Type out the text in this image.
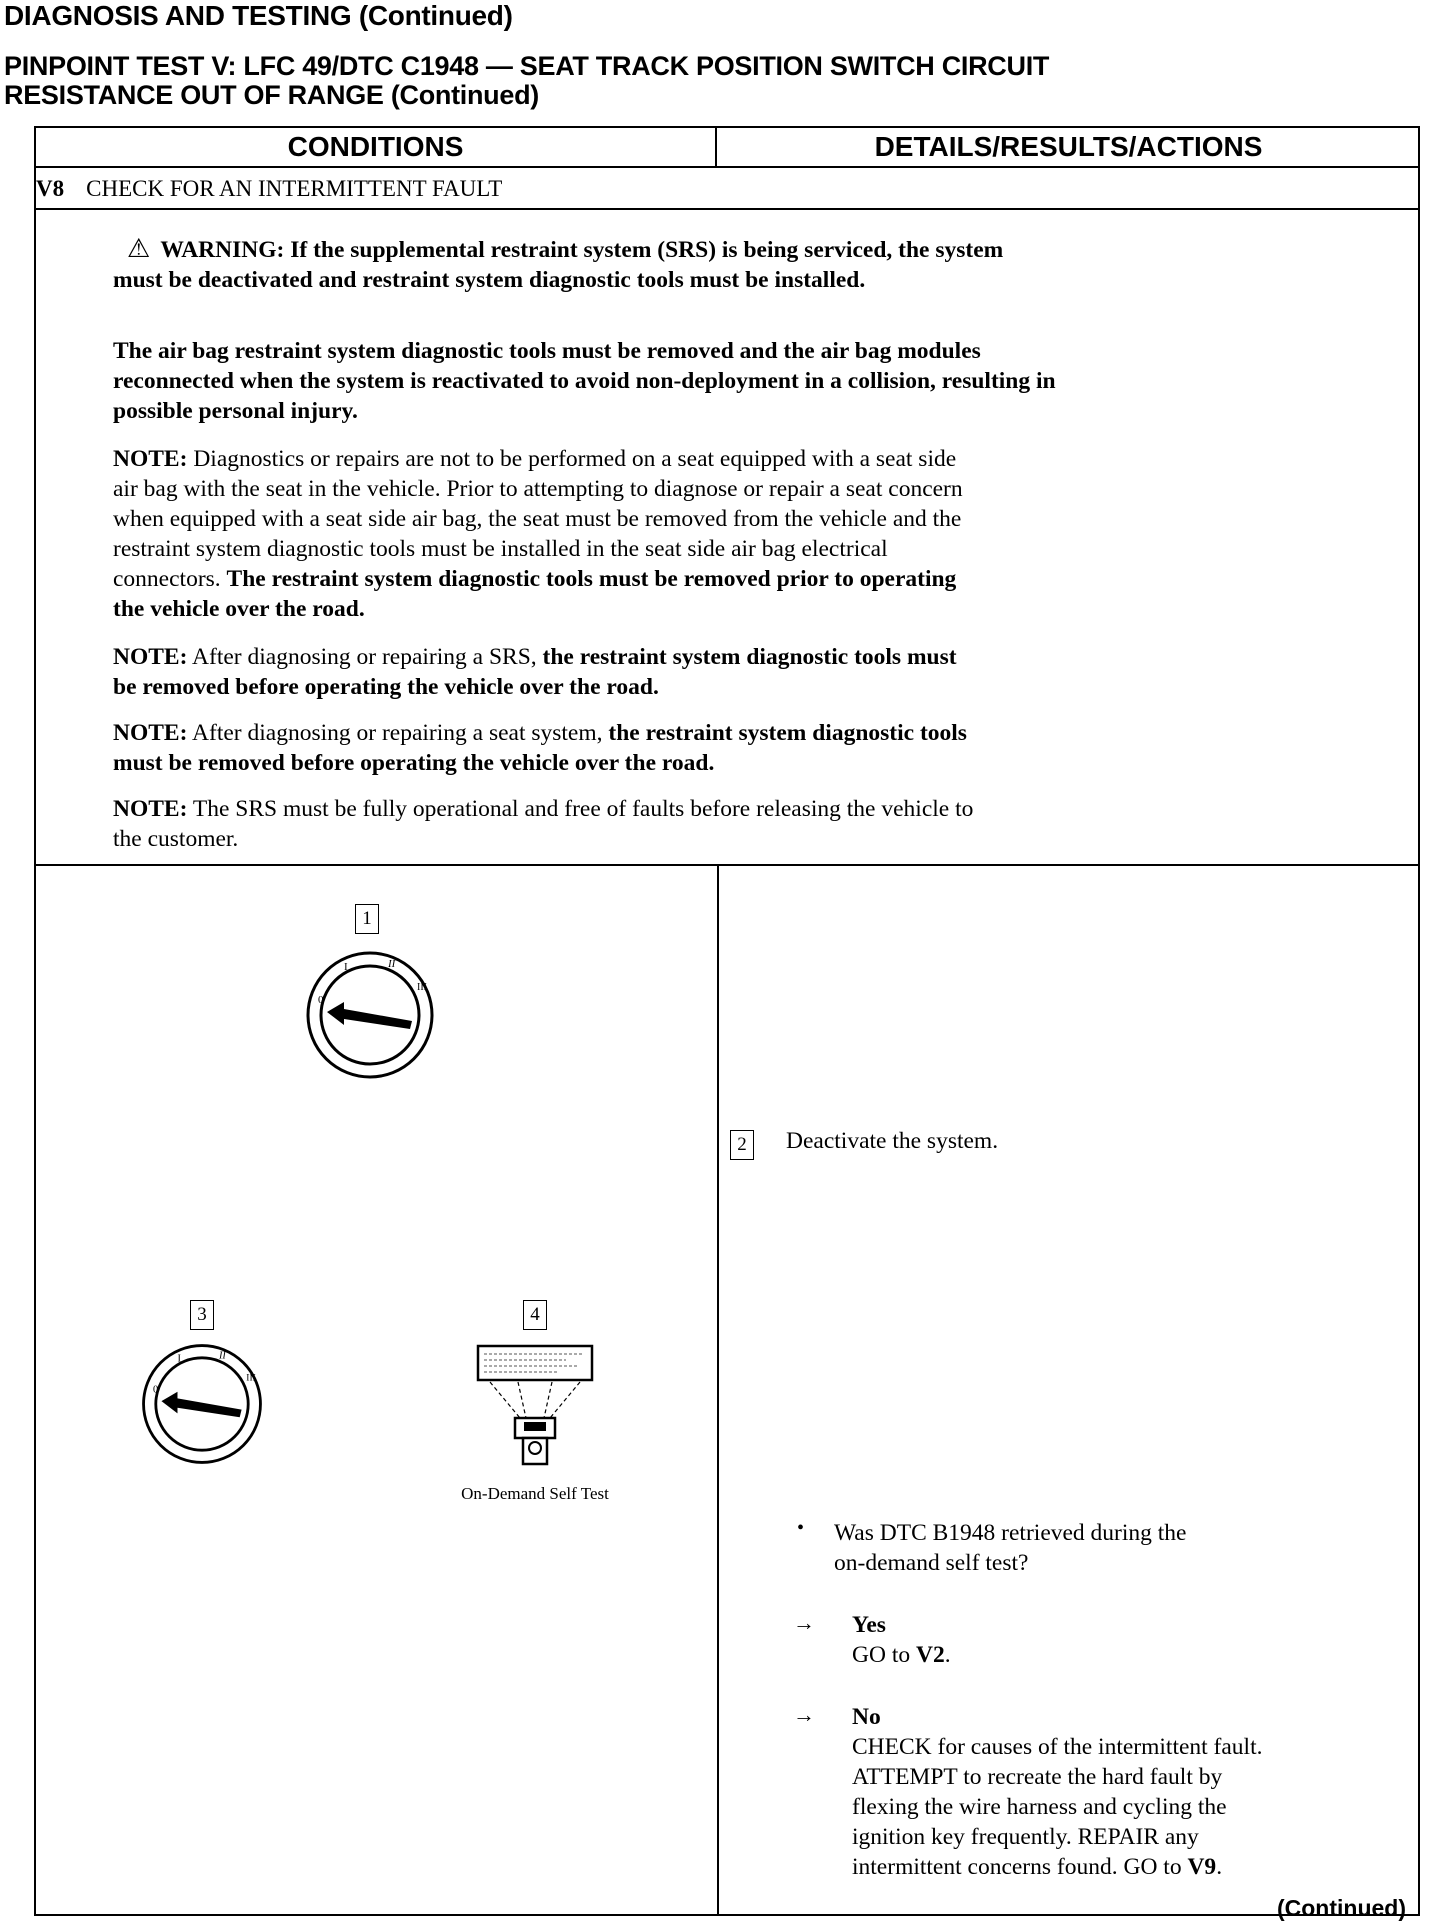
DIAGNOSIS AND TESTING (Continued)
PINPOINT TEST V: LFC 49/DTC C1948 — SEAT TRACK POSITION SWITCH CIRCUIT
RESISTANCE OUT OF RANGE (Continued)
CONDITIONS	DETAILS/RESULTS/ACTIONS
V8 CHECK FOR AN INTERMITTENT FAULT
⚠ WARNING: If the supplemental restraint system (SRS) is being serviced, the system
must be deactivated and restraint system diagnostic tools must be installed.
The air bag restraint system diagnostic tools must be removed and the air bag modules
reconnected when the system is reactivated to avoid non-deployment in a collision, resulting in
possible personal injury.
NOTE: Diagnostics or repairs are not to be performed on a seat equipped with a seat side
air bag with the seat in the vehicle. Prior to attempting to diagnose or repair a seat concern
when equipped with a seat side air bag, the seat must be removed from the vehicle and the
restraint system diagnostic tools must be installed in the seat side air bag electrical
connectors. The restraint system diagnostic tools must be removed prior to operating
the vehicle over the road.
NOTE: After diagnosing or repairing a SRS, the restraint system diagnostic tools must
be removed before operating the vehicle over the road.
NOTE: After diagnosing or repairing a seat system, the restraint system diagnostic tools
must be removed before operating the vehicle over the road.
NOTE: The SRS must be fully operational and free of faults before releasing the vehicle to
the customer.
1
0
I	II
III
3
0
I	II
III
4
On-Demand Self Test
2	Deactivate the system.
• Was DTC B1948 retrieved during the
on-demand self test?
→ Yes
GO to V2.
→ No
CHECK for causes of the intermittent fault.
ATTEMPT to recreate the hard fault by
flexing the wire harness and cycling the
ignition key frequently. REPAIR any
intermittent concerns found. GO to V9.
(Continued)
